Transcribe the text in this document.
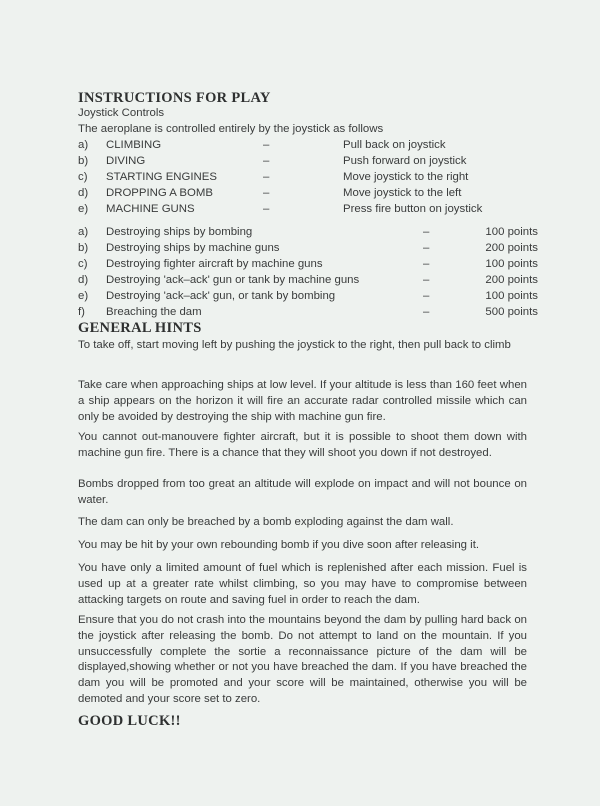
INSTRUCTIONS FOR PLAY
Joystick Controls
The aeroplane is controlled entirely by the joystick as follows
a) CLIMBING	–	Pull back on joystick
b) DIVING	–	Push forward on joystick
c) STARTING ENGINES	–	Move joystick to the right
d) DROPPING A BOMB	–	Move joystick to the left
e) MACHINE GUNS	–	Press fire button on joystick
a) Destroying ships by bombing	–	100 points
b) Destroying ships by machine guns	–	200 points
c) Destroying fighter aircraft by machine guns	–	100 points
d) Destroying 'ack–ack' gun or tank by machine guns	–	200 points
e) Destroying 'ack–ack' gun, or tank by bombing	–	100 points
f) Breaching the dam	–	500 points
GENERAL HINTS
To take off, start moving left by pushing the joystick to the right, then pull back to climb
Take care when approaching ships at low level. If your altitude is less than 160 feet when a ship appears on the horizon it will fire an accurate radar controlled missile which can only be avoided by destroying the ship with machine gun fire.
You cannot out-manouvere fighter aircraft, but it is possible to shoot them down with machine gun fire. There is a chance that they will shoot you down if not destroyed.
Bombs dropped from too great an altitude will explode on impact and will not bounce on water.
The dam can only be breached by a bomb exploding against the dam wall.
You may be hit by your own rebounding bomb if you dive soon after releasing it.
You have only a limited amount of fuel which is replenished after each mission. Fuel is used up at a greater rate whilst climbing, so you may have to compromise between attacking targets on route and saving fuel in order to reach the dam.
Ensure that you do not crash into the mountains beyond the dam by pulling hard back on the joystick after releasing the bomb. Do not attempt to land on the mountain. If you unsuccessfully complete the sortie a reconnaissance picture of the dam will be displayed,showing whether or not you have breached the dam. If you have breached the dam you will be promoted and your score will be maintained, otherwise you will be demoted and your score set to zero.
GOOD LUCK!!
